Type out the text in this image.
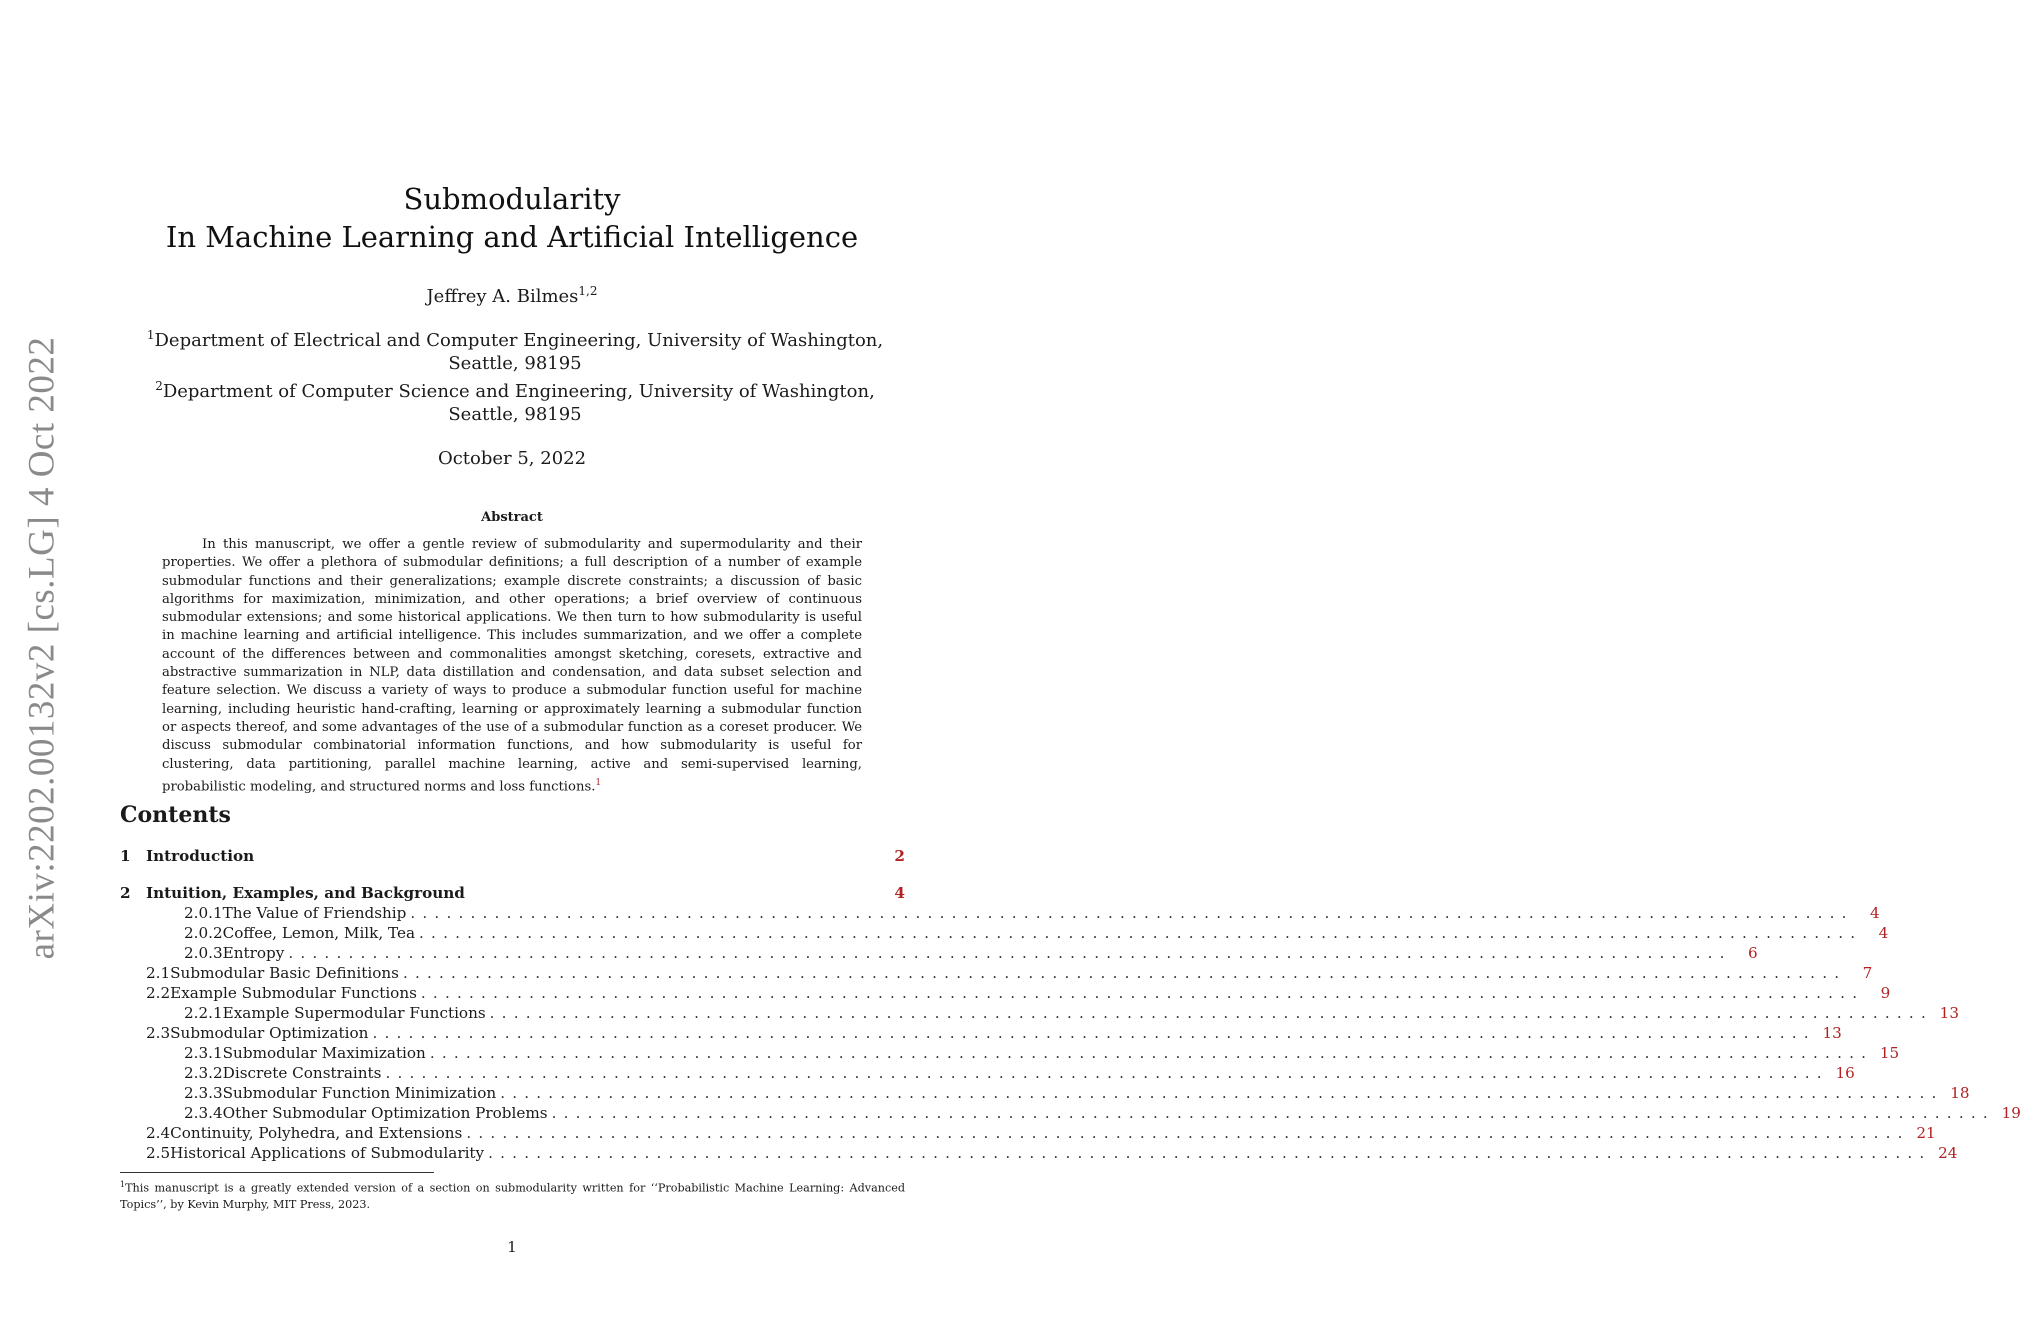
arXiv:2202.00132v2 [cs.LG] 4 Oct 2022
Submodularity
In Machine Learning and Artificial Intelligence
Jeffrey A. Bilmes$^{1,2}$
$^1$Department of Electrical and Computer Engineering, University of Washington, Seattle, 98195
$^2$Department of Computer Science and Engineering, University of Washington, Seattle, 98195
October 5, 2022
Abstract
In this manuscript, we offer a gentle review of submodularity and supermodularity and their properties. We offer a plethora of submodular definitions; a full description of a number of example submodular functions and their generalizations; example discrete constraints; a discussion of basic algorithms for maximization, minimization, and other operations; a brief overview of continuous submodular extensions; and some historical applications. We then turn to how submodularity is useful in machine learning and artificial intelligence. This includes summarization, and we offer a complete account of the differences between and commonalities amongst sketching, coresets, extractive and abstractive summarization in NLP, data distillation and condensation, and data subset selection and feature selection. We discuss a variety of ways to produce a submodular function useful for machine learning, including heuristic hand-crafting, learning or approximately learning a submodular function or aspects thereof, and some advantages of the use of a submodular function as a coreset producer. We discuss submodular combinatorial information functions, and how submodularity is useful for clustering, data partitioning, parallel machine learning, active and semi-supervised learning, probabilistic modeling, and structured norms and loss functions.$^1$
Contents
1	Introduction	2
2	Intuition, Examples, and Background	4
2.0.1 The Value of Friendship ........................................................................................................................	4
2.0.2 Coffee, Lemon, Milk, Tea ........................................................................................................................	4
2.0.3 Entropy ........................................................................................................................	6
2.1 Submodular Basic Definitions ........................................................................................................................	7
2.2 Example Submodular Functions ........................................................................................................................	9
2.2.1 Example Supermodular Functions ........................................................................................................................ 13
2.3 Submodular Optimization ........................................................................................................................ 13
2.3.1 Submodular Maximization ........................................................................................................................ 15
2.3.2 Discrete Constraints ........................................................................................................................ 16
2.3.3 Submodular Function Minimization ........................................................................................................................ 18
2.3.4 Other Submodular Optimization Problems ........................................................................................................................ 19
2.4 Continuity, Polyhedra, and Extensions ........................................................................................................................ 21
2.5 Historical Applications of Submodularity ........................................................................................................................ 24
$^1$This manuscript is a greatly extended version of a section on submodularity written for ‘‘Probabilistic Machine Learning: Advanced Topics’’, by Kevin Murphy, MIT Press, 2023.
1
